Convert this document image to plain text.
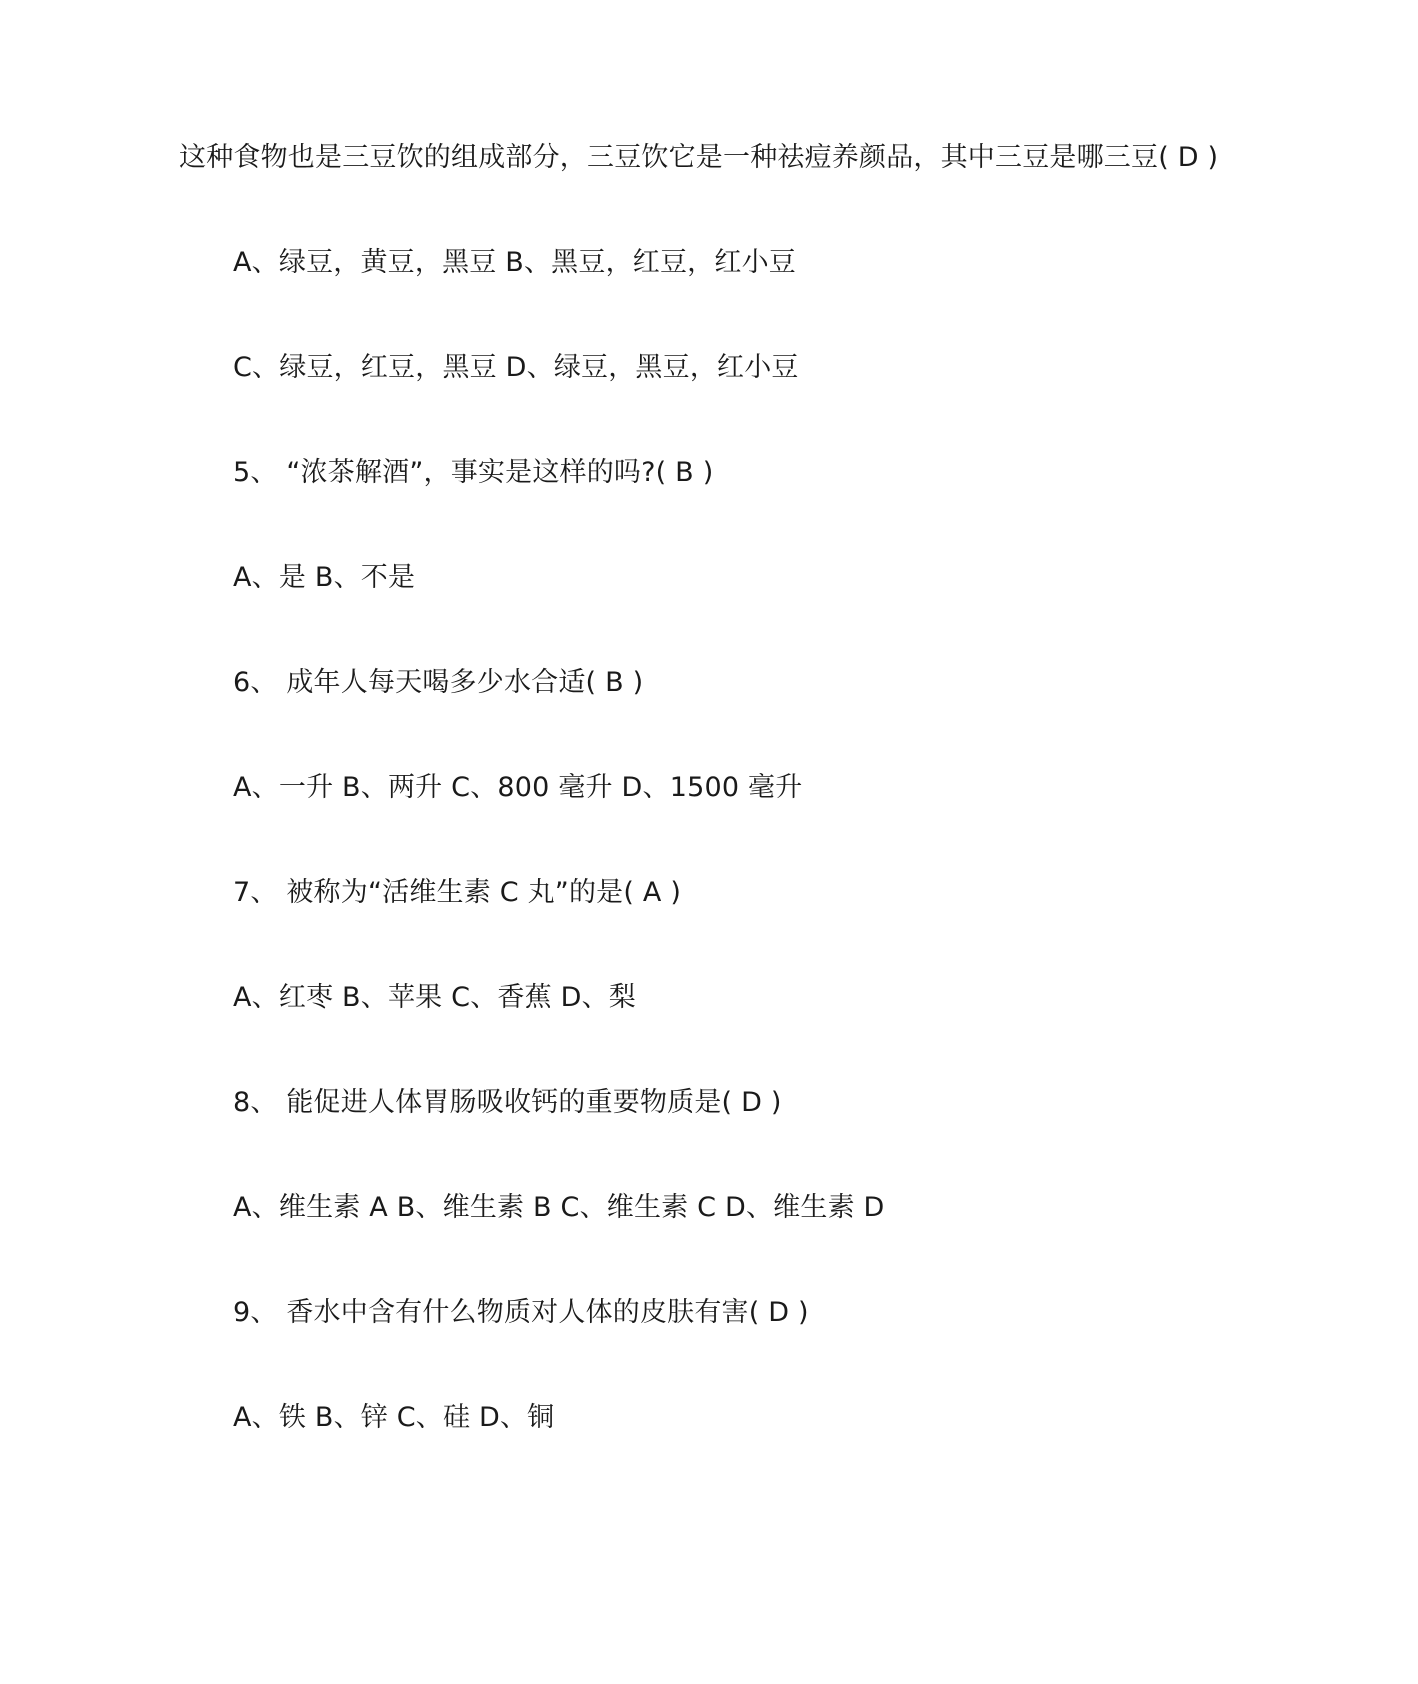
这种食物也是三豆饮的组成部分，三豆饮它是一种祛痘养颜品，其中三豆是哪三豆( D )
A、绿豆，黄豆，黑豆 B、黑豆，红豆，红小豆
C、绿豆，红豆，黑豆 D、绿豆，黑豆，红小豆
5、 “浓茶解酒”，事实是这样的吗?( B )
A、是 B、不是
6、 成年人每天喝多少水合适( B )
A、一升 B、两升 C、800 毫升 D、1500 毫升
7、 被称为“活维生素 C 丸”的是( A )
A、红枣 B、苹果 C、香蕉 D、梨
8、 能促进人体胃肠吸收钙的重要物质是( D )
A、维生素 A B、维生素 B C、维生素 C D、维生素 D
9、 香水中含有什么物质对人体的皮肤有害( D )
A、铁 B、锌 C、硅 D、铜
